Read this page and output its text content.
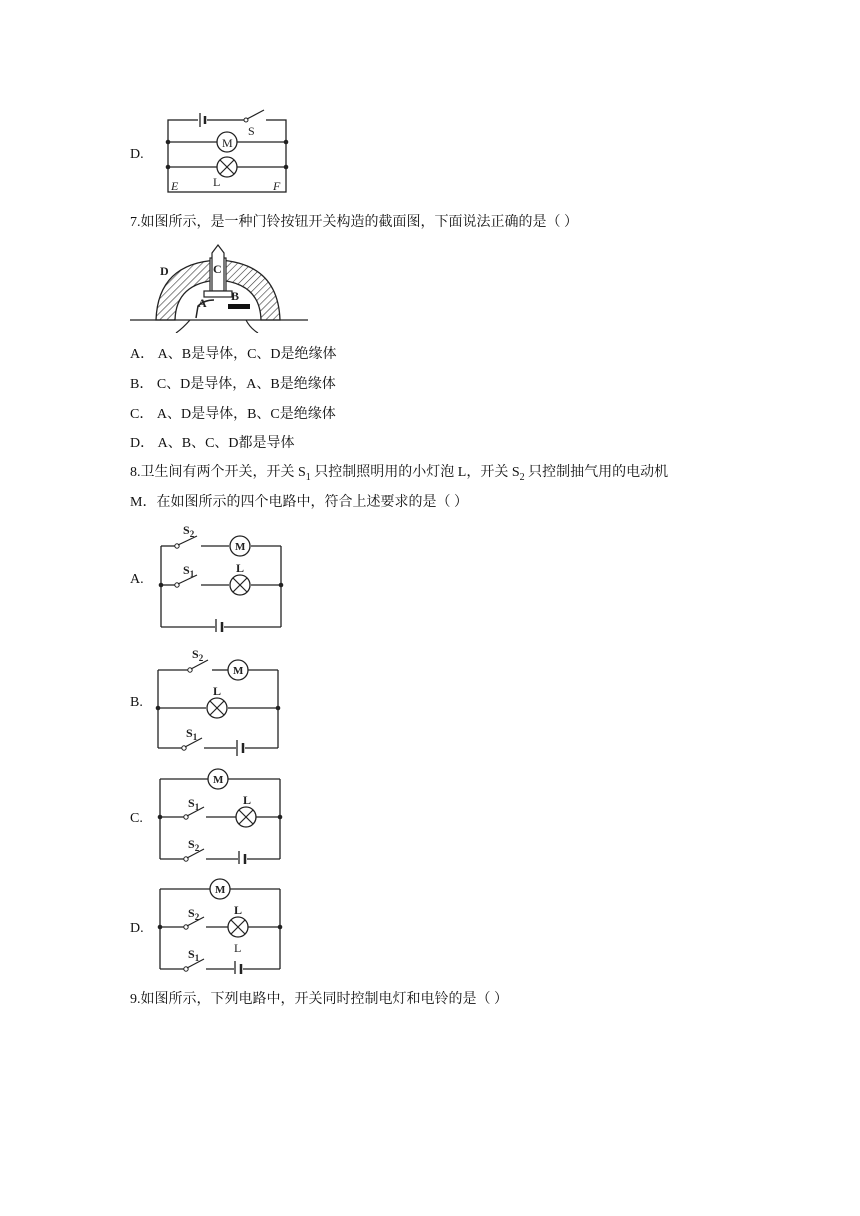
D.
S
M
L
E	F
7.如图所示，是一种门铃按钮开关构造的截面图，下面说法正确的是（ ）
C
A B
D
A． A、B是导体，C、D是绝缘体
B． C、D是导体，A、B是绝缘体
C． A、D是导体，B、C是绝缘体
D． A、B、C、D都是导体
8.卫生间有两个开关，开关 $S_1$ 只控制照明用的小灯泡 L，开关 $S_2$ 只控制抽气用的电动机
M．在如图所示的四个电路中，符合上述要求的是（ ）
A.
$S_2$
M
$S_1$	L
B.
$S_2$
M
L
$S_1$
C.
M
$S_1$	L
$S_2$
D.
M
$S_2$	L
L
$S_1$
9.如图所示，下列电路中，开关同时控制电灯和电铃的是（ ）
